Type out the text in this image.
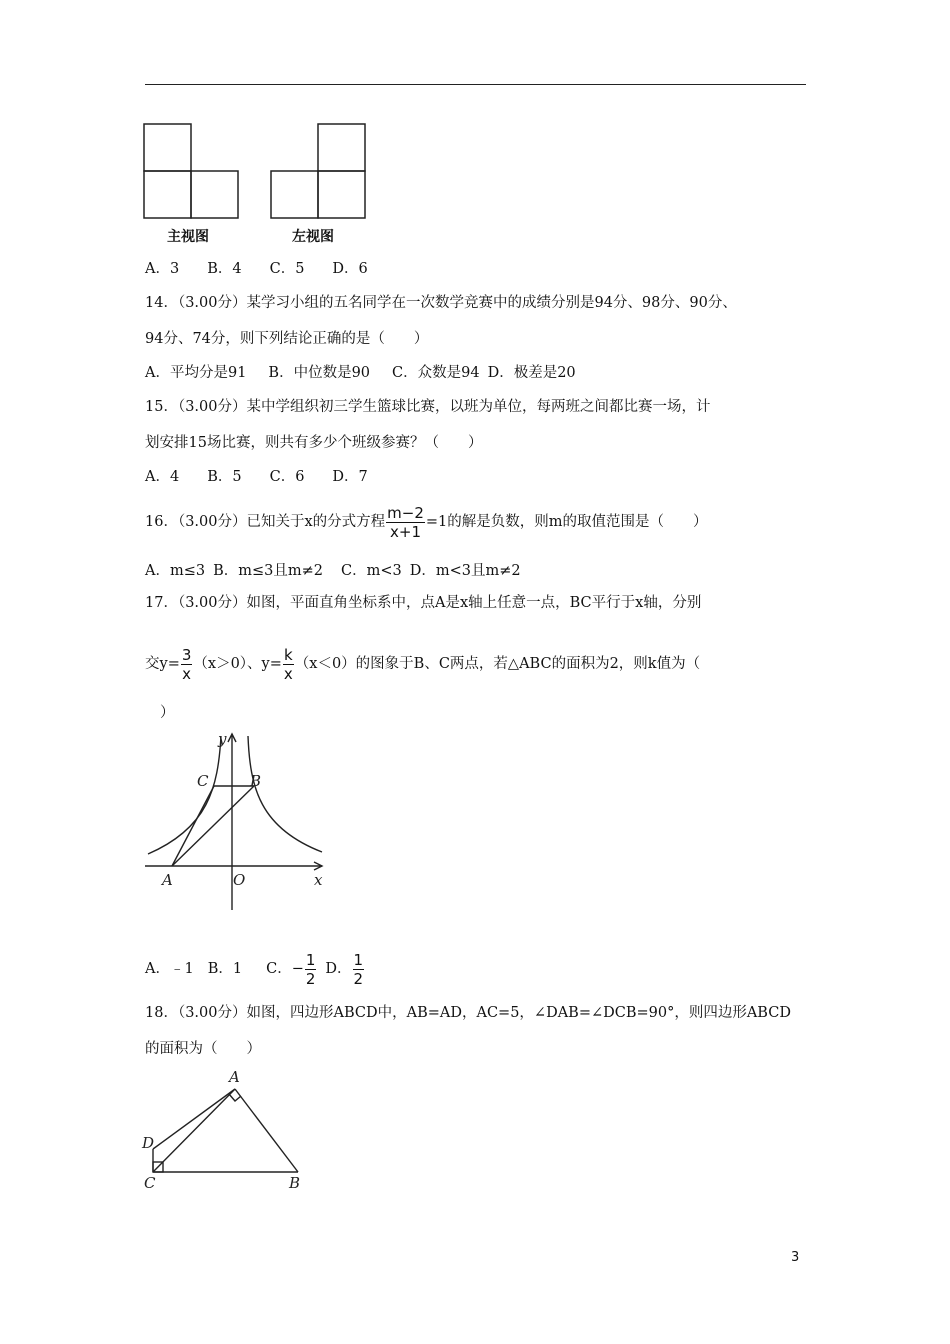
主视图	左视图
A．3 B．4 C．5 D．6
14．（3.00分）某学习小组的五名同学在一次数学竞赛中的成绩分别是94分、98分、90分、
94分、74分，则下列结论正确的是（　　）
A．平均分是91 B．中位数是90 C．众数是94 D．极差是20
15．（3.00分）某中学组织初三学生篮球比赛，以班为单位，每两班之间都比赛一场，计
划安排15场比赛，则共有多少个班级参赛？（　　）
A．4 B．5 C．6 D．7
16．（3.00分）已知关于x的分式方程 $\frac{m-2}{x+1} =1$的解是负数，则m的取值范围是（　　）
A．m≤3 B．m≤3且m≠2 C．m<3 D．m<3且m≠2
17．（3.00分）如图，平面直角坐标系中，点A是x轴上任意一点，BC平行于x轴，分别
交$y= \frac{3}{x} (x>0)$、$y= \frac{k}{x} (x<0)$的图象于B、C两点，若△ABC的面积为2，则k值为（
）
y
C	B
A	O	x
A．﹣1 B．1 C．− $\frac{1}{2}$ D． $\frac{1}{2}$
18．（3.00分）如图，四边形ABCD中，AB=AD，AC=5，∠DAB=∠DCB=90°，则四边形ABCD
的面积为（　　）
A
D
C	B
3
